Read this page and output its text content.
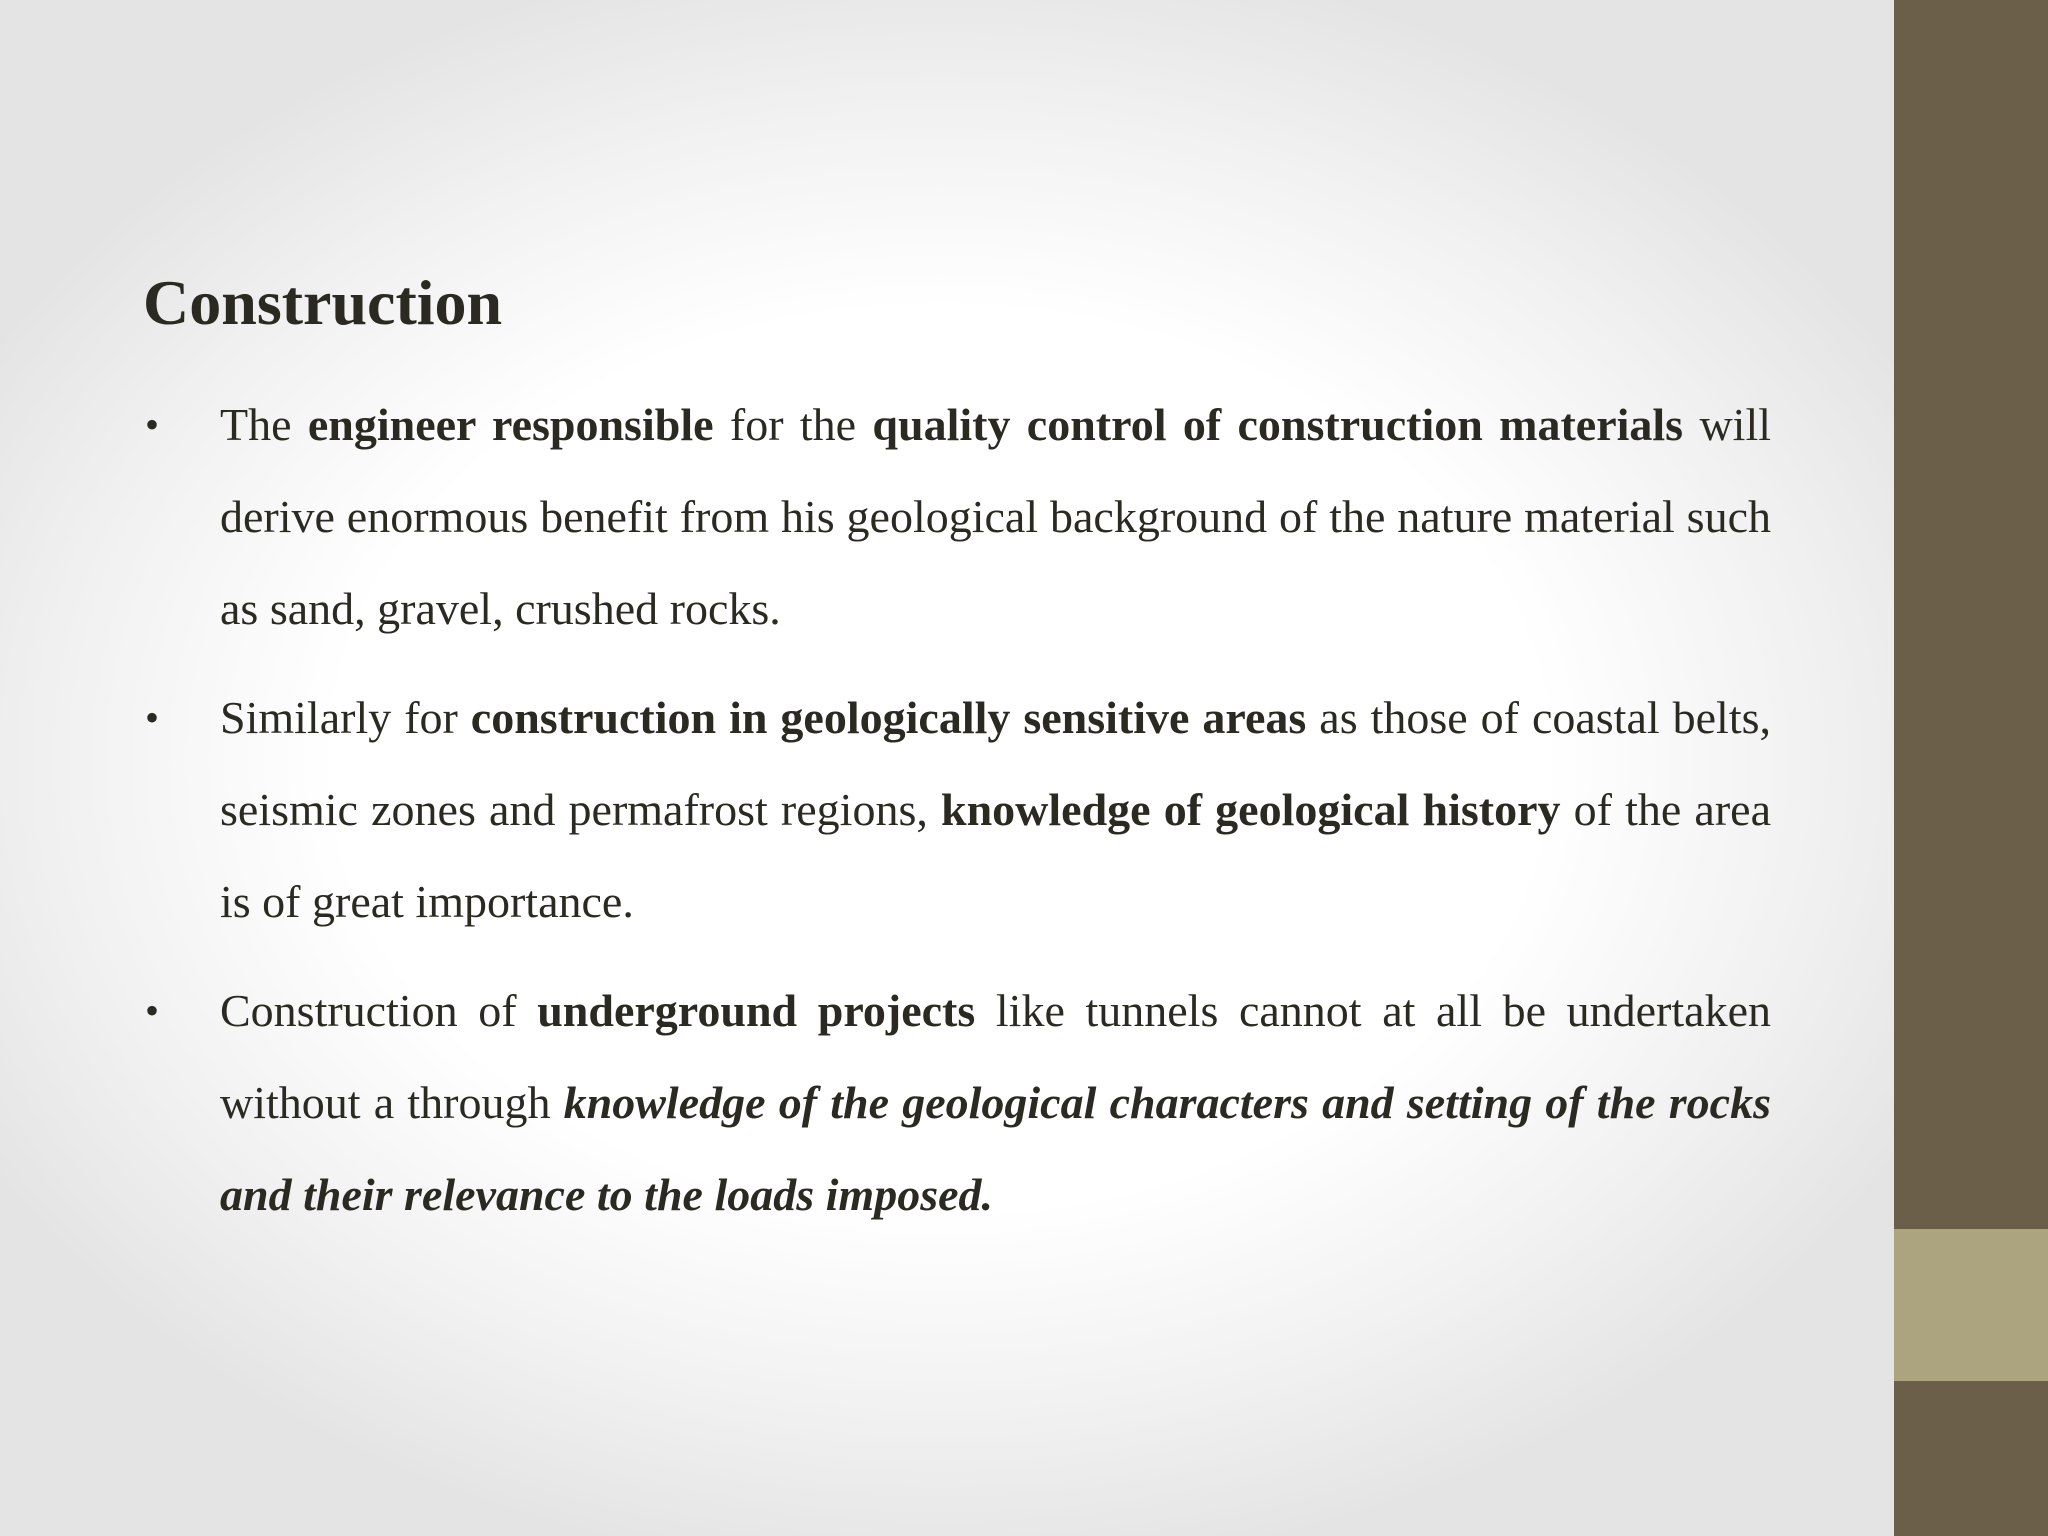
Construction
• The engineer responsible for the quality control of construction materials will derive enormous benefit from his geological background of the nature material such as sand, gravel, crushed rocks.
• Similarly for construction in geologically sensitive areas as those of coastal belts, seismic zones and permafrost regions, knowledge of geological history of the area is of great importance.
• Construction of underground projects like tunnels cannot at all be undertaken without a through knowledge of the geological characters and setting of the rocks and their relevance to the loads imposed.
